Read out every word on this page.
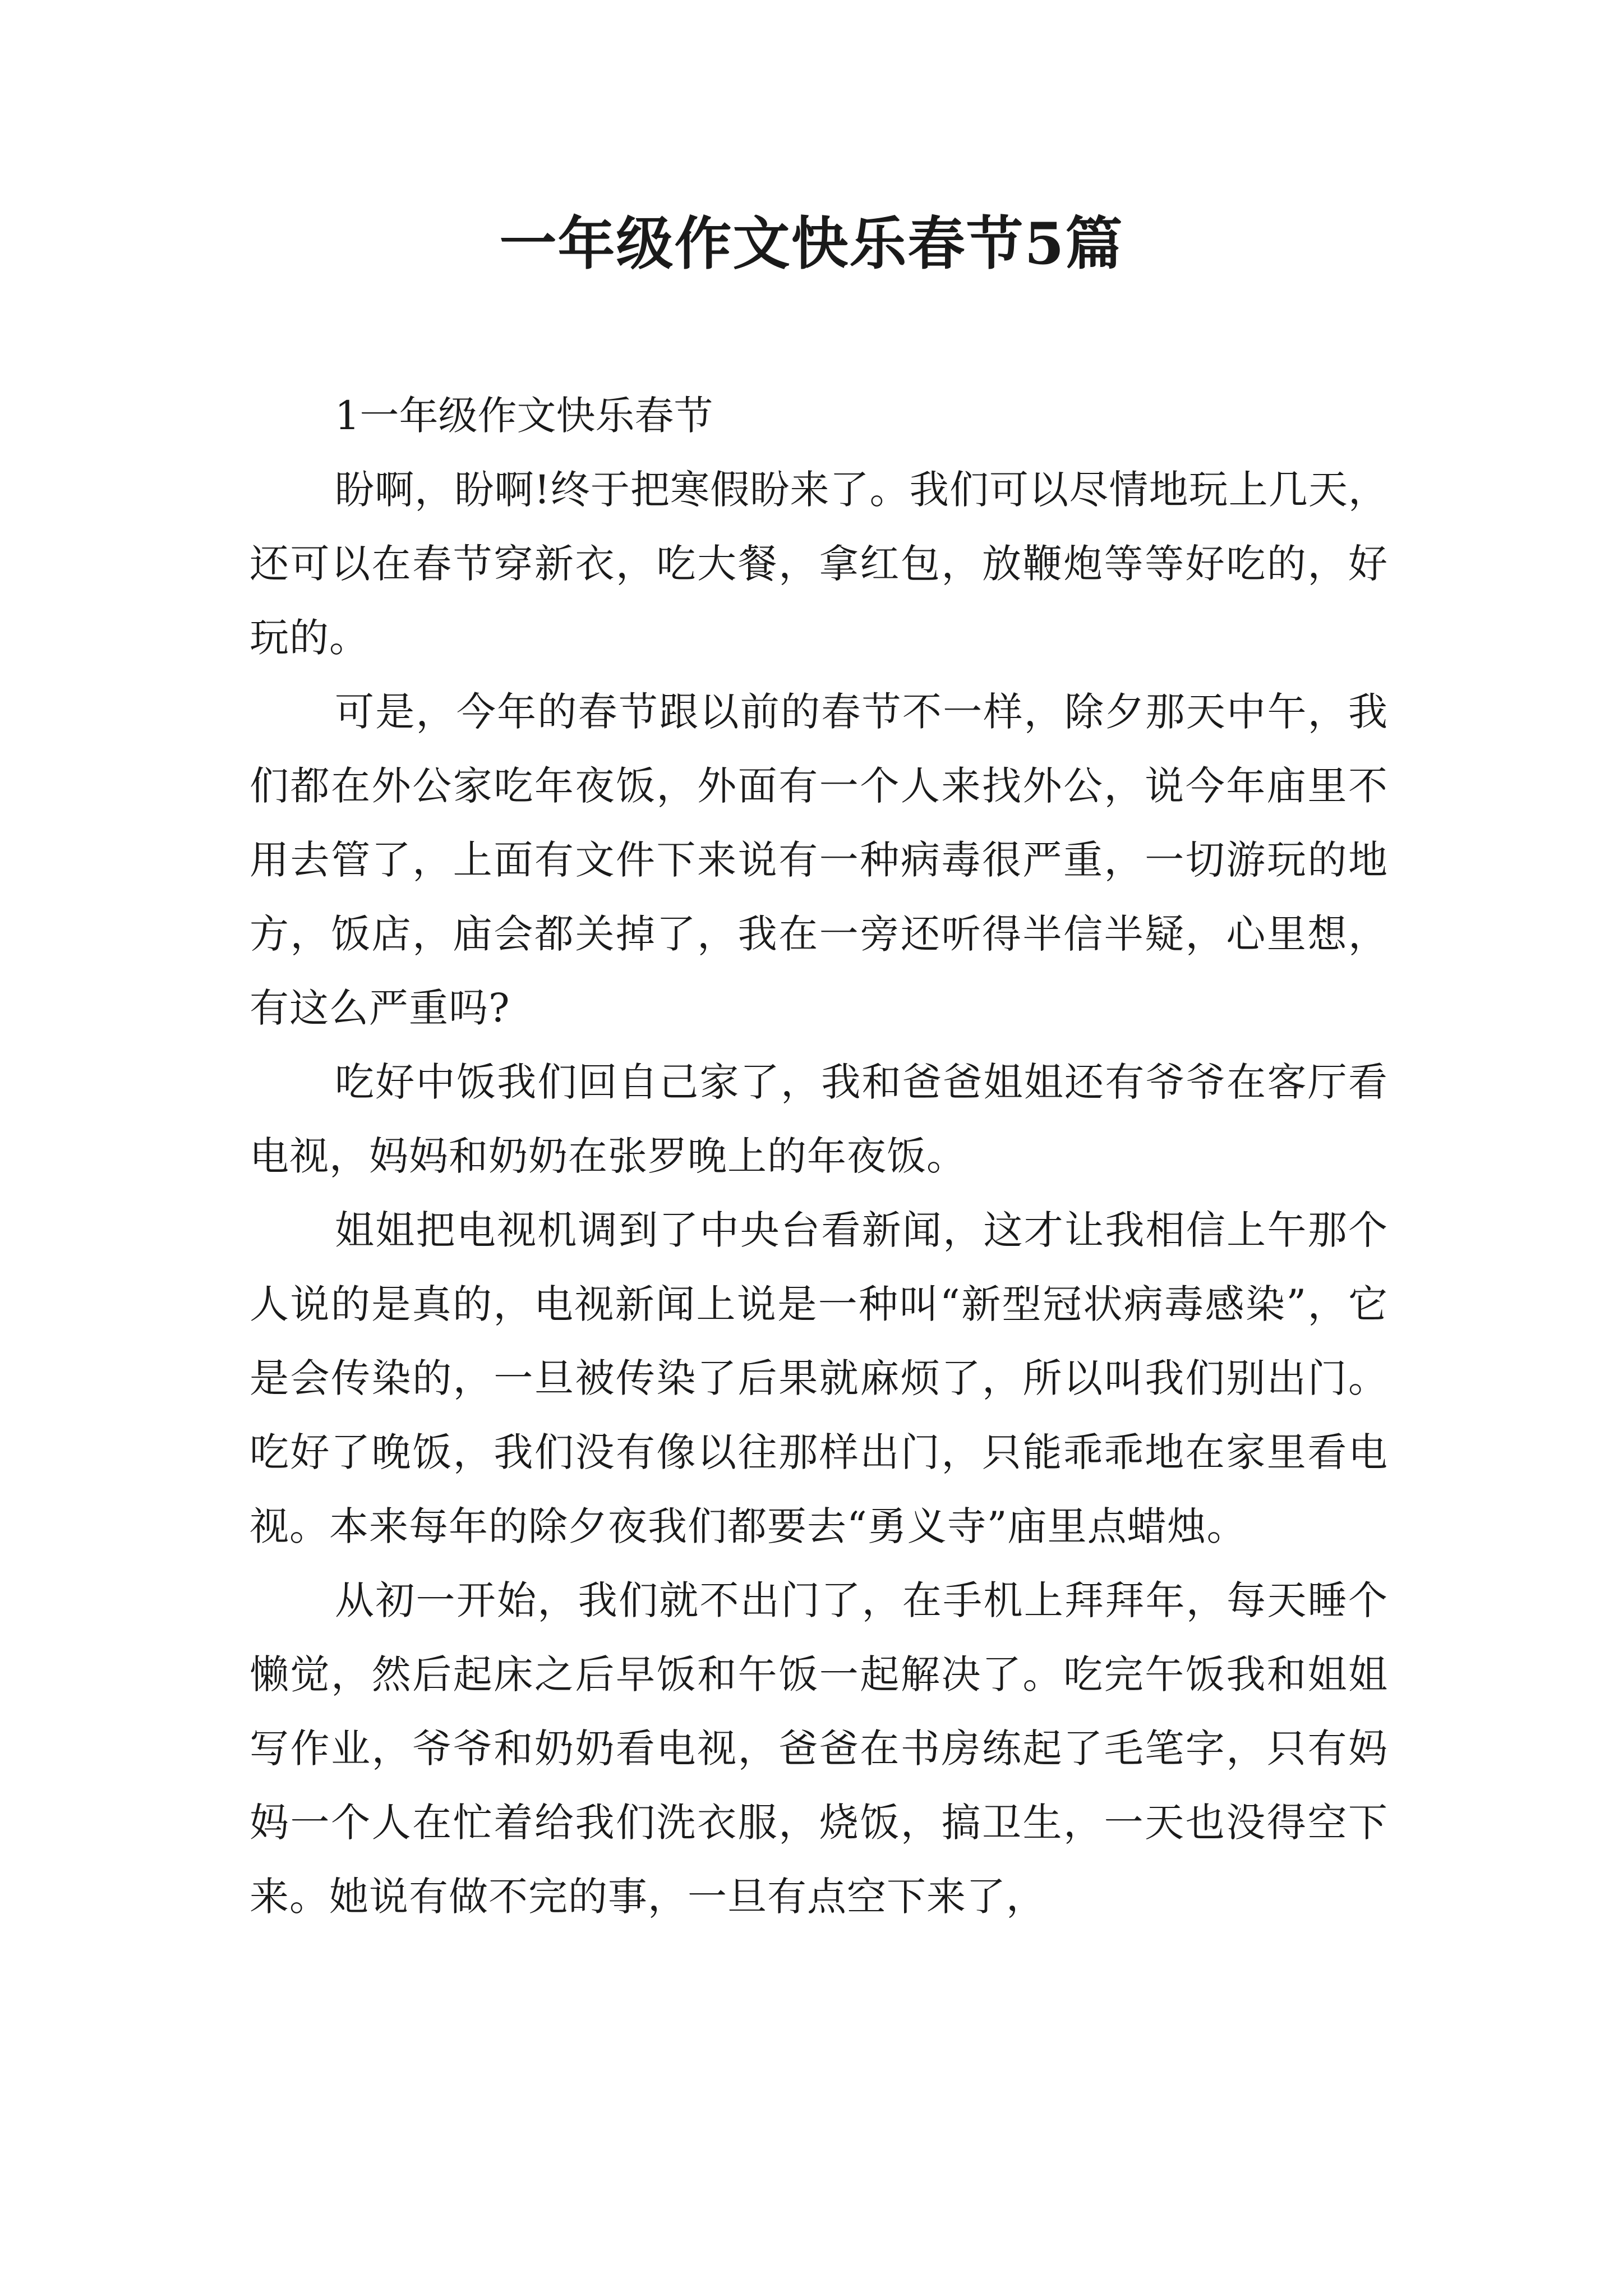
一年级作文快乐春节5篇
1一年级作文快乐春节

盼啊，盼啊!终于把寒假盼来了。我们可以尽情地玩上几天，还可以在春节穿新衣，吃大餐，拿红包，放鞭炮等等好吃的，好玩的。

可是，今年的春节跟以前的春节不一样，除夕那天中午，我们都在外公家吃年夜饭，外面有一个人来找外公，说今年庙里不用去管了，上面有文件下来说有一种病毒很严重，一切游玩的地方，饭店，庙会都关掉了，我在一旁还听得半信半疑，心里想，有这么严重吗?

吃好中饭我们回自己家了，我和爸爸姐姐还有爷爷在客厅看电视，妈妈和奶奶在张罗晚上的年夜饭。

姐姐把电视机调到了中央台看新闻，这才让我相信上午那个人说的是真的，电视新闻上说是一种叫“新型冠状病毒感染”，它是会传染的，一旦被传染了后果就麻烦了，所以叫我们别出门。吃好了晚饭，我们没有像以往那样出门，只能乖乖地在家里看电视。本来每年的除夕夜我们都要去“勇义寺”庙里点蜡烛。

从初一开始，我们就不出门了，在手机上拜拜年，每天睡个懒觉，然后起床之后早饭和午饭一起解决了。吃完午饭我和姐姐写作业，爷爷和奶奶看电视，爸爸在书房练起了毛笔字，只有妈妈一个人在忙着给我们洗衣服，烧饭，搞卫生，一天也没得空下来。她说有做不完的事，一旦有点空下来了，
